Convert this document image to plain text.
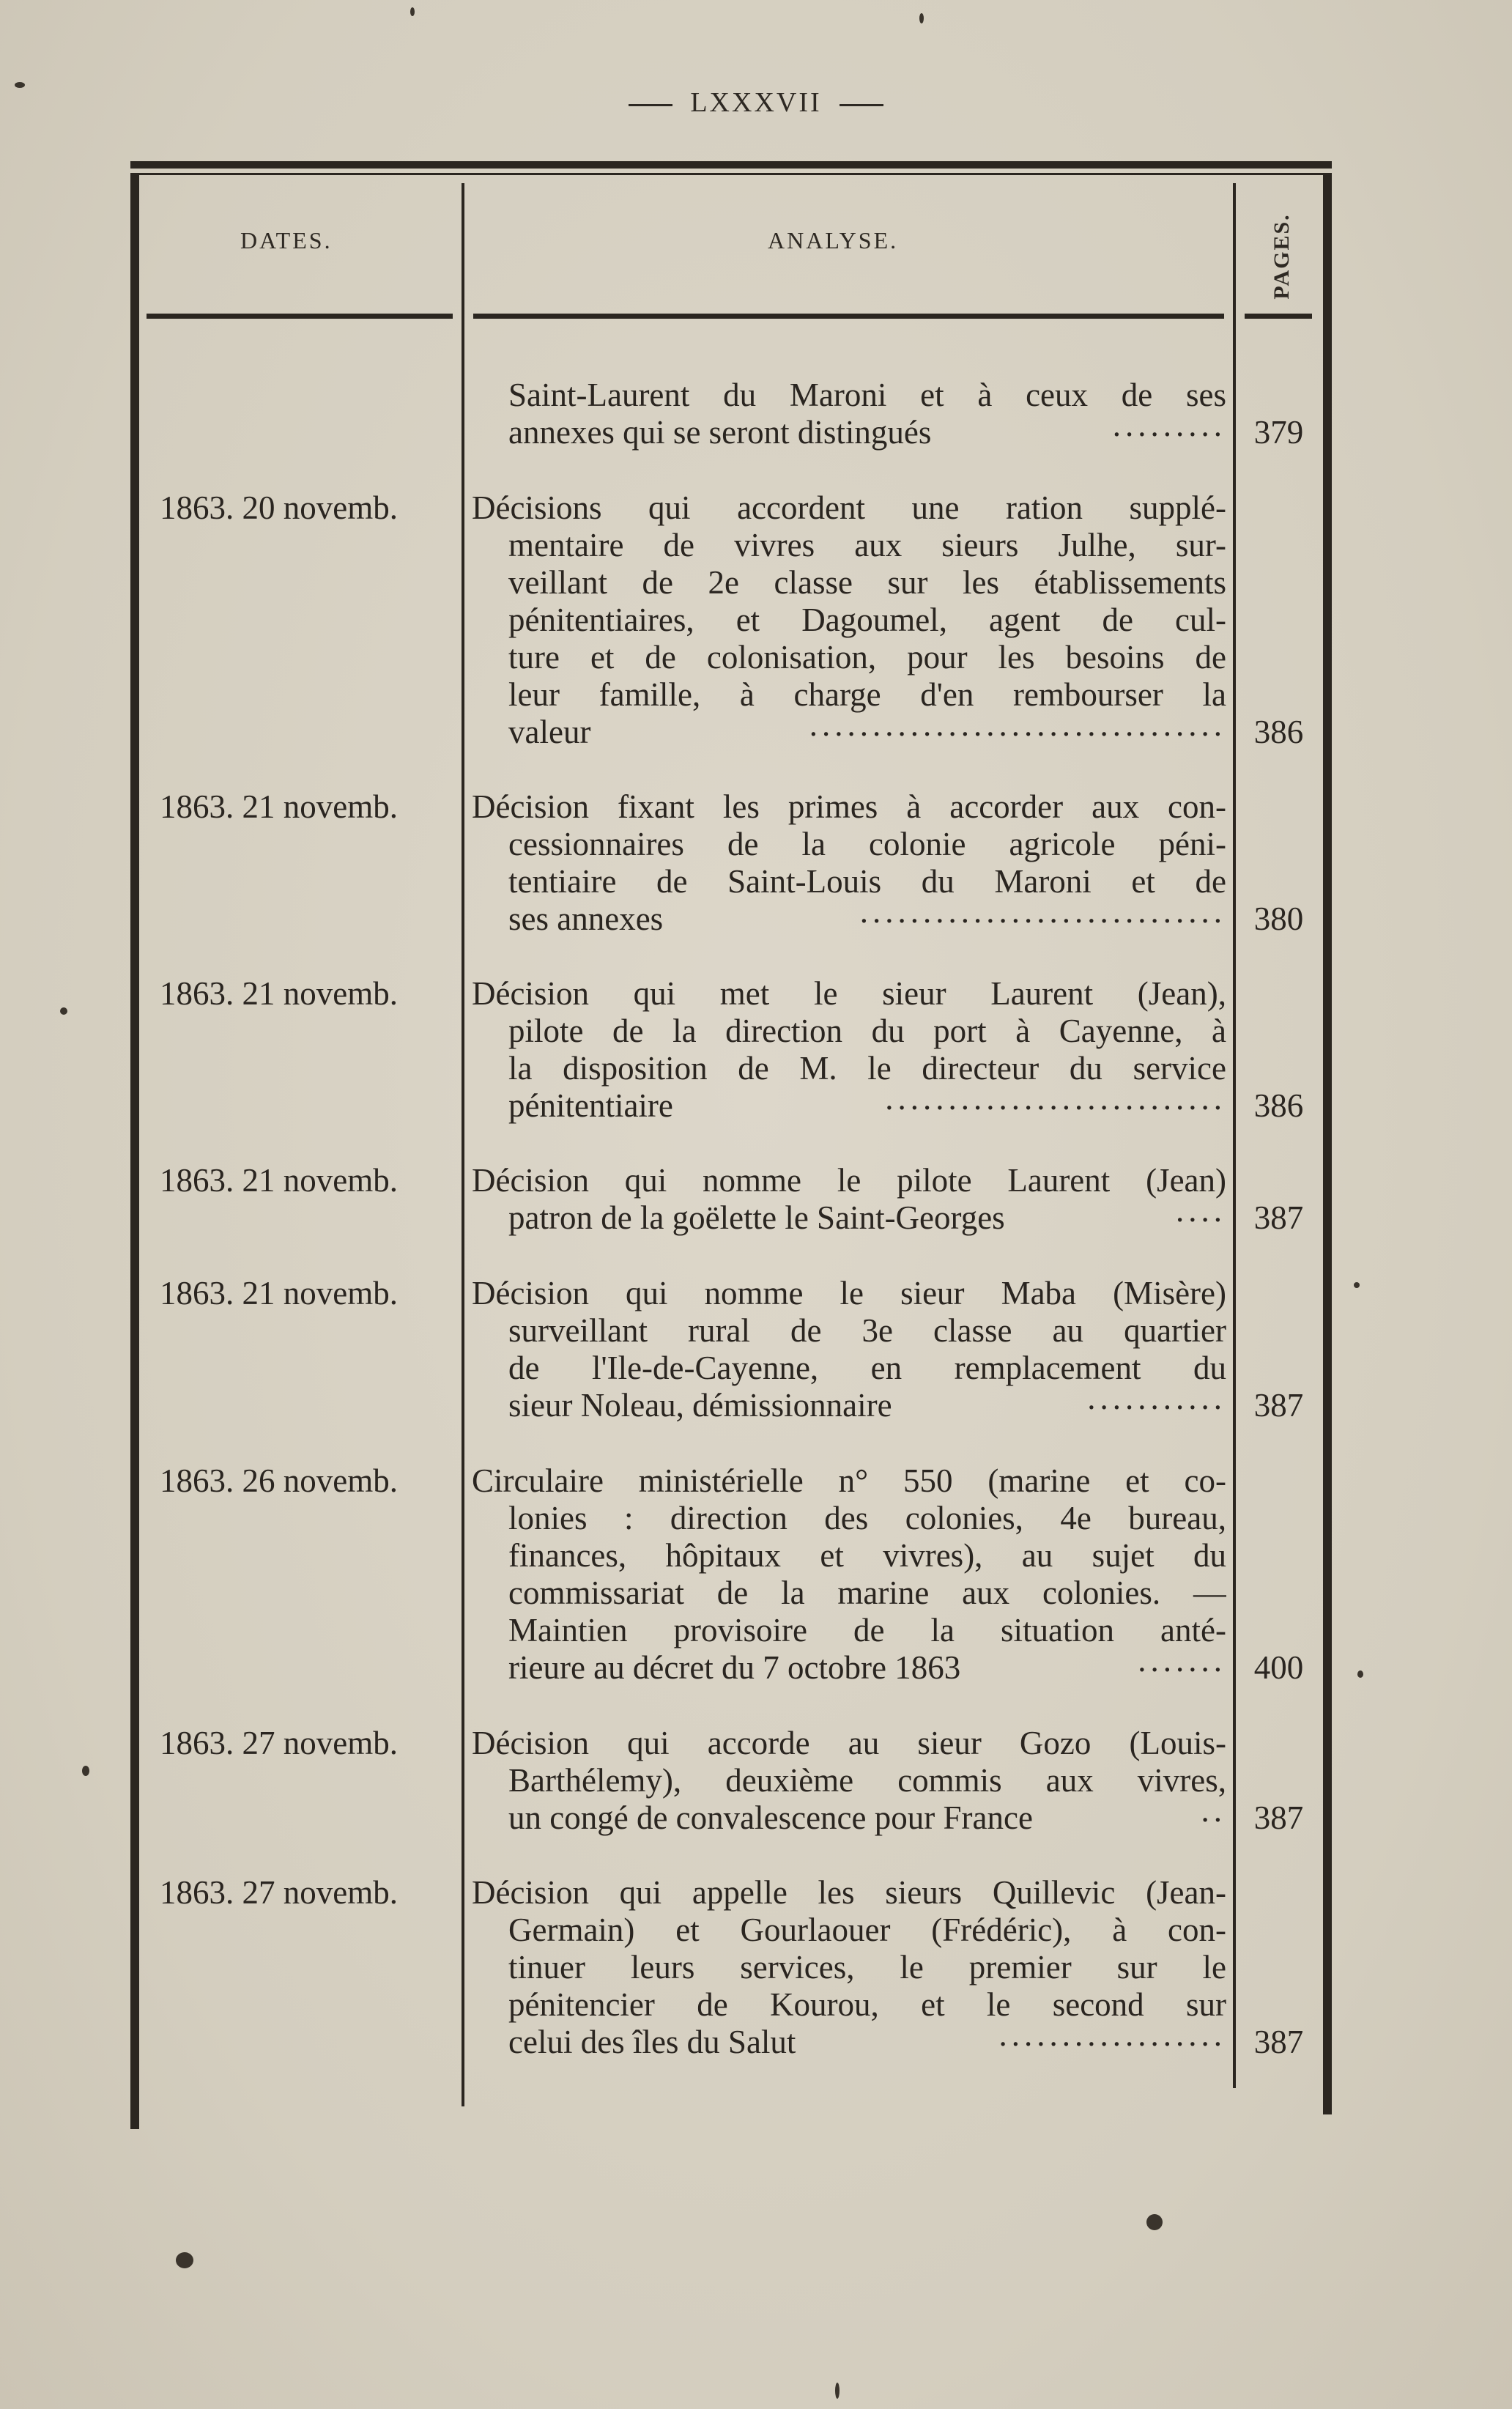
LXXXVII
DATES.	ANALYSE.	PAGES.
Saint-Laurent du Maroni et à ceux de ses
annexes qui se seront distingués	......... 379
1863. 20 novemb. Décisions qui accordent une ration supplé-
mentaire de vivres aux sieurs Julhe, sur-
veillant de 2e classe sur les établissements
pénitentiaires, et Dagoumel, agent de cul-
ture et de colonisation, pour les besoins de
leur famille, à charge d'en rembourser la
valeur	................................. 386
1863. 21 novemb. Décision fixant les primes à accorder aux con-
cessionnaires de la colonie agricole péni-
tentiaire de Saint-Louis du Maroni et de
ses annexes	............................. 380
1863. 21 novemb. Décision qui met le sieur Laurent (Jean),
pilote de la direction du port à Cayenne, à
la disposition de M. le directeur du service
pénitentiaire	........................... 386
1863. 21 novemb. Décision qui nomme le pilote Laurent (Jean)
patron de la goëlette le Saint-Georges	.... 387
1863. 21 novemb. Décision qui nomme le sieur Maba (Misère)
surveillant rural de 3e classe au quartier
de l'Ile-de-Cayenne, en remplacement du
sieur Noleau, démissionnaire	........... 387
1863. 26 novemb. Circulaire ministérielle n° 550 (marine et co-
lonies : direction des colonies, 4e bureau,
finances, hôpitaux et vivres), au sujet du
commissariat de la marine aux colonies. —
Maintien provisoire de la situation anté-
rieure au décret du 7 octobre 1863	....... 400
1863. 27 novemb. Décision qui accorde au sieur Gozo (Louis-
Barthélemy), deuxième commis aux vivres,
un congé de convalescence pour France	.. 387
1863. 27 novemb. Décision qui appelle les sieurs Quillevic (Jean-
Germain) et Gourlaouer (Frédéric), à con-
tinuer leurs services, le premier sur le
pénitencier de Kourou, et le second sur
celui des îles du Salut	.................. 387
